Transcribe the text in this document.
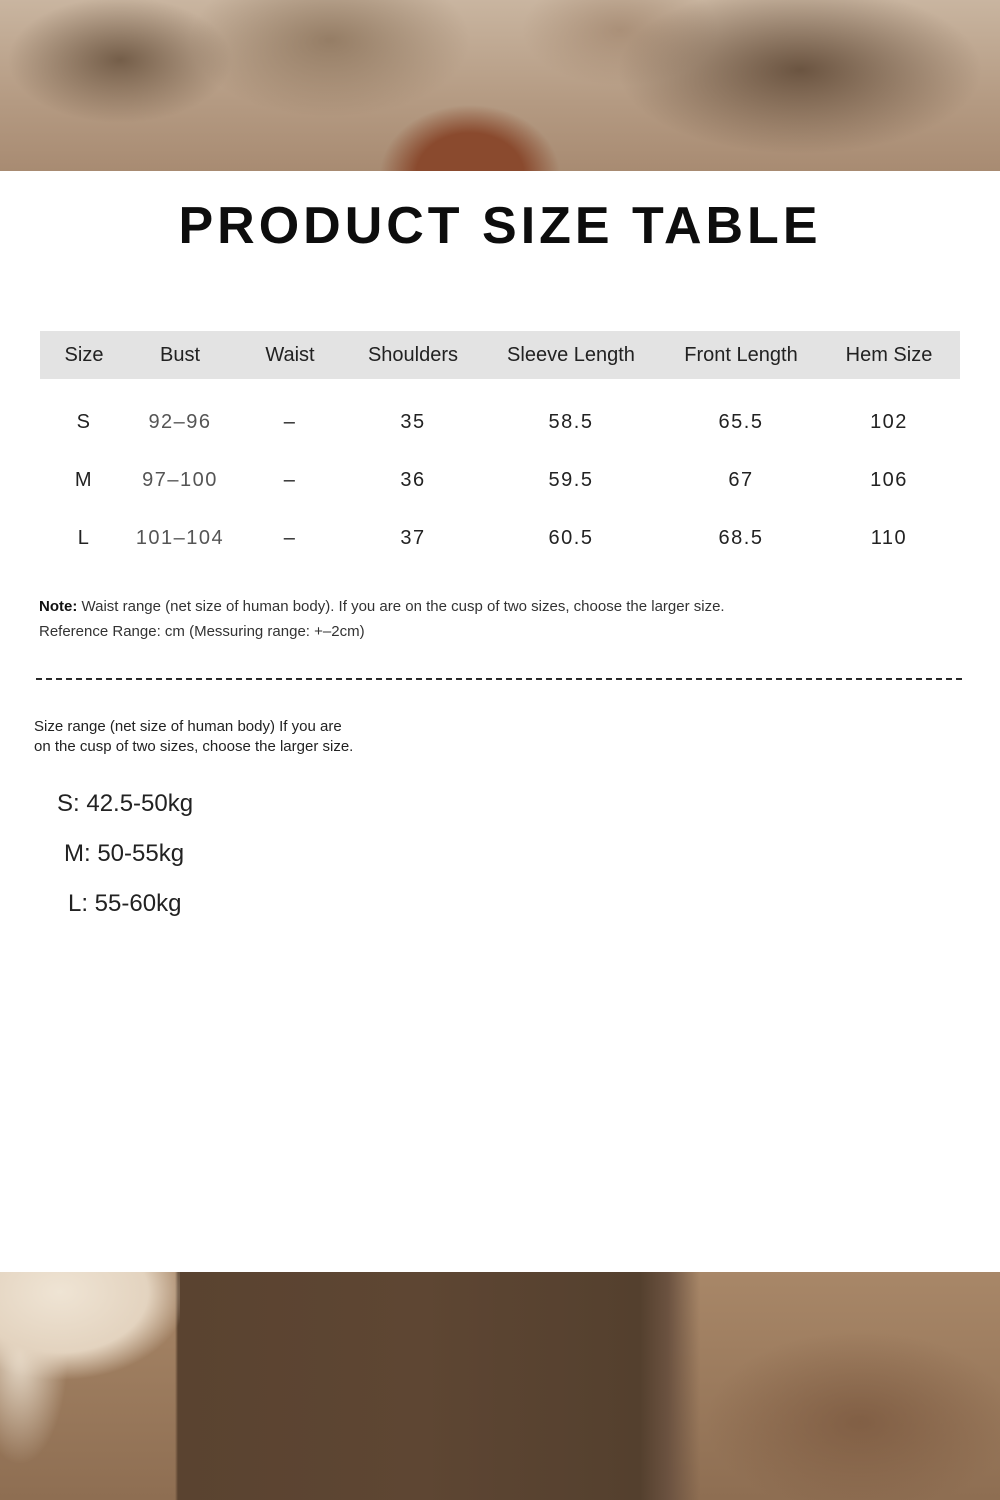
PRODUCT SIZE TABLE
Size	Bust	Waist	Shoulders	Sleeve Length	Front Length	Hem Size
S	92–96	–	35	58.5	65.5	102
M	97–100	–	36	59.5	67	106
L	101–104	–	37	60.5	68.5	110
Note: Waist range (net size of human body). If you are on the cusp of two sizes, choose the larger size.
Reference Range: cm (Messuring range: +–2cm)
Size range (net size of human body) If you are
on the cusp of two sizes, choose the larger size.
S: 42.5-50kg
M: 50-55kg
L: 55-60kg
